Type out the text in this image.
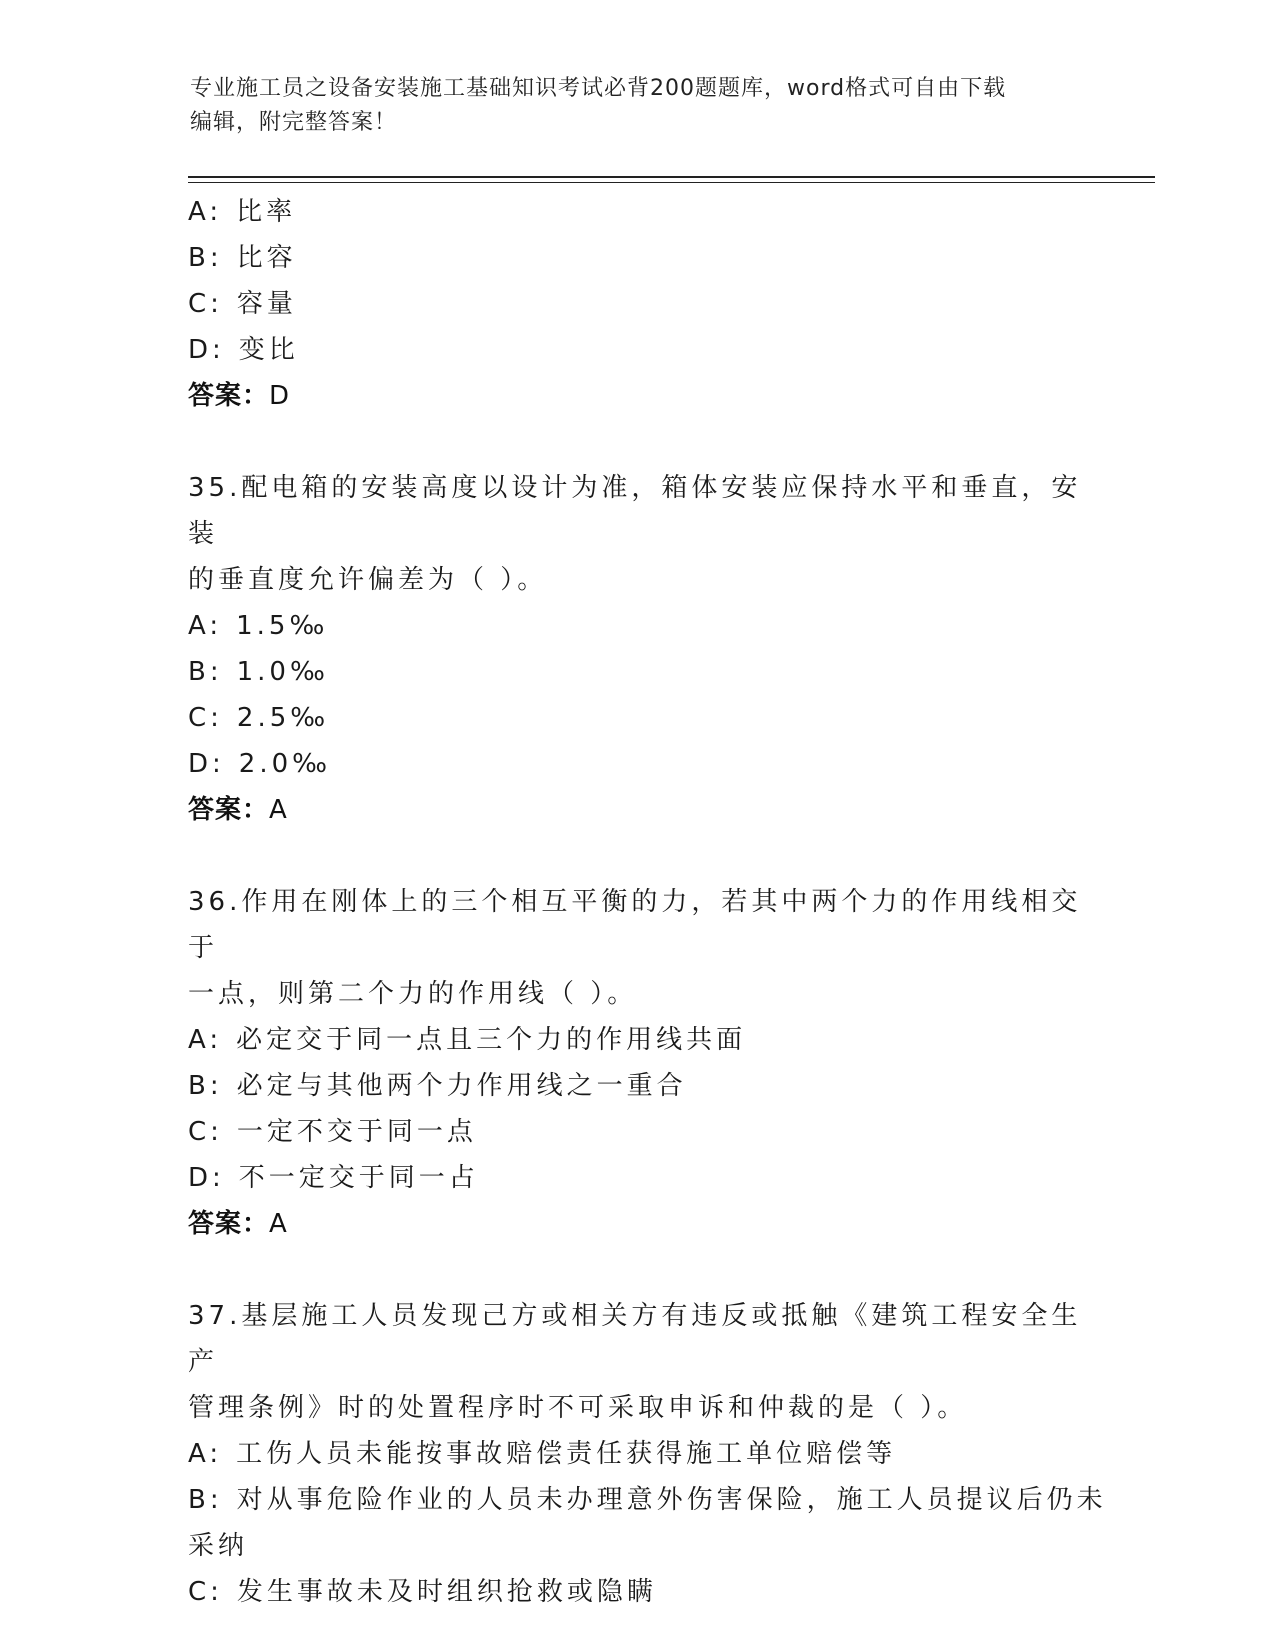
专业施工员之设备安装施工基础知识考试必背200题题库，word格式可自由下载
编辑，附完整答案！
A: 比率
B: 比容
C: 容量
D: 变比
答案：D
35.配电箱的安装高度以设计为准，箱体安装应保持水平和垂直，安装
的垂直度允许偏差为（ ）。
A: 1.5‰
B: 1.0‰
C: 2.5‰
D: 2.0‰
答案：A
36.作用在刚体上的三个相互平衡的力，若其中两个力的作用线相交于
一点，则第二个力的作用线（ ）。
A: 必定交于同一点且三个力的作用线共面
B: 必定与其他两个力作用线之一重合
C: 一定不交于同一点
D: 不一定交于同一占
答案：A
37.基层施工人员发现己方或相关方有违反或抵触《建筑工程安全生产
管理条例》时的处置程序时不可采取申诉和仲裁的是（ ）。
A: 工伤人员未能按事故赔偿责任获得施工单位赔偿等
B: 对从事危险作业的人员未办理意外伤害保险，施工人员提议后仍未
采纳
C: 发生事故未及时组织抢救或隐瞒
